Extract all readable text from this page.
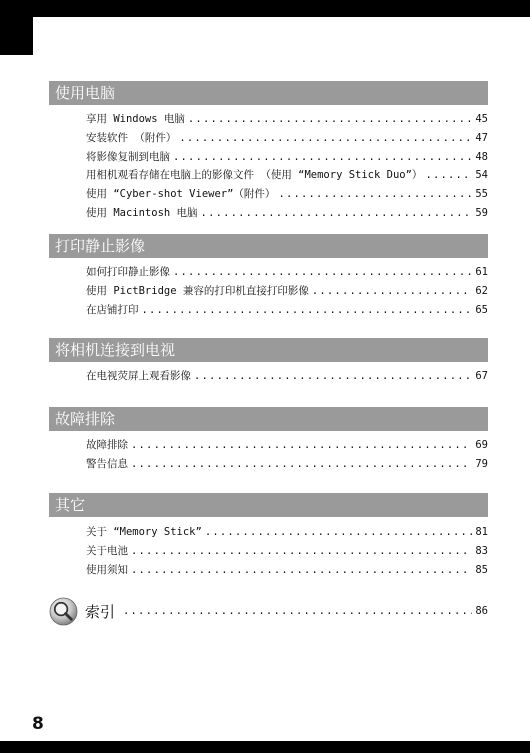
使用电脑
享用 Windows 电脑 .....	45
安装软件 （附件） .....	47
将影像复制到电脑 .....	48
用相机观看存储在电脑上的影像文件 （使用 “Memory Stick Duo”） .....	54
使用 “Cyber-shot Viewer”（附件） .....	55
使用 Macintosh 电脑 .....	59
打印静止影像
如何打印静止影像 .....	61
使用 PictBridge 兼容的打印机直接打印影像 .....	62
在店铺打印 .....	65
将相机连接到电视
在电视荧屏上观看影像 .....	67
故障排除
故障排除 .....	69
警告信息 .....	79
其它
关于 “Memory Stick” .....	81
关于电池 .....	83
使用须知 .....	85
索引 .....	86
8
